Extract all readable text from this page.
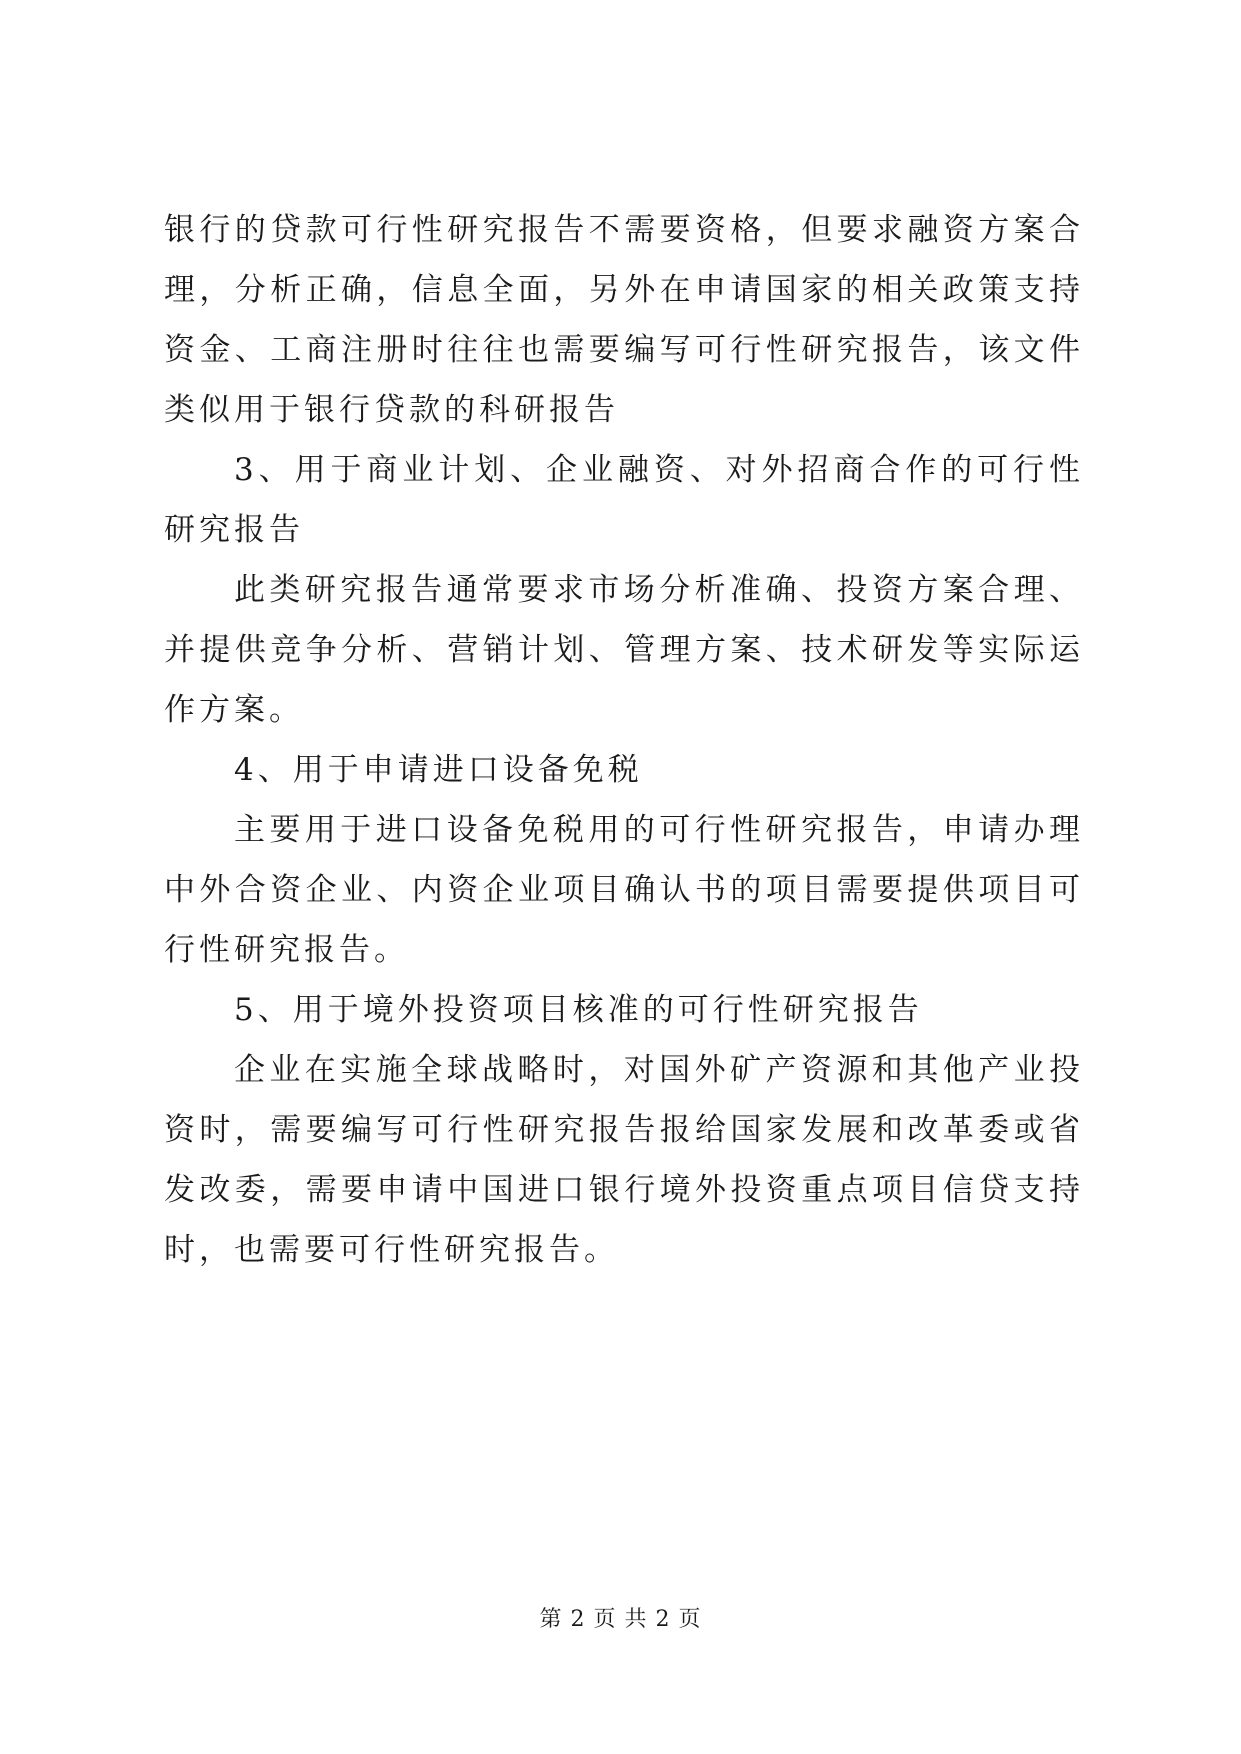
银行的贷款可行性研究报告不需要资格，但要求融资方案合理，分析正确，信息全面，另外在申请国家的相关政策支持资金、工商注册时往往也需要编写可行性研究报告，该文件类似用于银行贷款的科研报告

3、用于商业计划、企业融资、对外招商合作的可行性研究报告

此类研究报告通常要求市场分析准确、投资方案合理、并提供竞争分析、营销计划、管理方案、技术研发等实际运作方案。

4、用于申请进口设备免税

主要用于进口设备免税用的可行性研究报告，申请办理中外合资企业、内资企业项目确认书的项目需要提供项目可行性研究报告。

5、用于境外投资项目核准的可行性研究报告

企业在实施全球战略时，对国外矿产资源和其他产业投资时，需要编写可行性研究报告报给国家发展和改革委或省发改委，需要申请中国进口银行境外投资重点项目信贷支持时，也需要可行性研究报告。

第 2 页 共 2 页
